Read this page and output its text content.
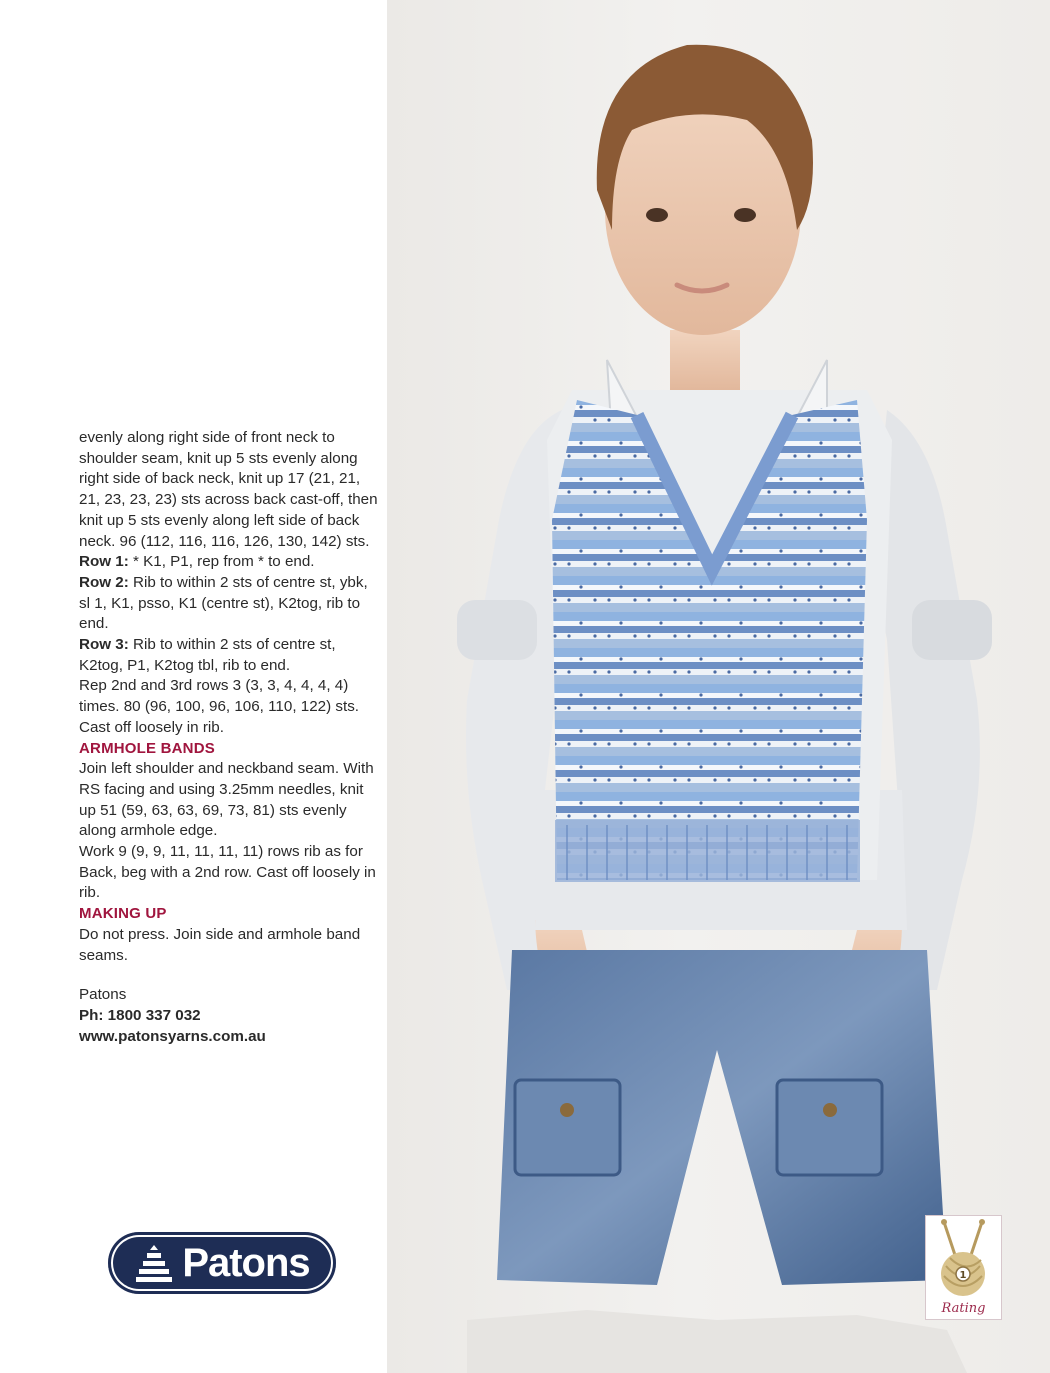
evenly along right side of front neck to shoulder seam, knit up 5 sts evenly along right side of back neck, knit up 17 (21, 21, 21, 23, 23, 23) sts across back cast-off, then knit up 5 sts evenly along left side of back neck. 96 (112, 116, 116, 126, 130, 142) sts.

Row 1: * K1, P1, rep from * to end.

Row 2: Rib to within 2 sts of centre st, ybk, sl 1, K1, psso, K1 (centre st), K2tog, rib to end.

Row 3: Rib to within 2 sts of centre st, K2tog, P1, K2tog tbl, rib to end.

Rep 2nd and 3rd rows 3 (3, 3, 4, 4, 4, 4) times. 80 (96, 100, 96, 106, 110, 122) sts. Cast off loosely in rib.

ARMHOLE BANDS

Join left shoulder and neckband seam. With RS facing and using 3.25mm needles, knit up 51 (59, 63, 63, 69, 73, 81) sts evenly along armhole edge.

Work 9 (9, 9, 11, 11, 11, 11) rows rib as for Back, beg with a 2nd row. Cast off loosely in rib.

MAKING UP

Do not press. Join side and armhole band seams.

Patons

Ph: 1800 337 032

www.patonsyarns.com.au

Patons	1
Rating
